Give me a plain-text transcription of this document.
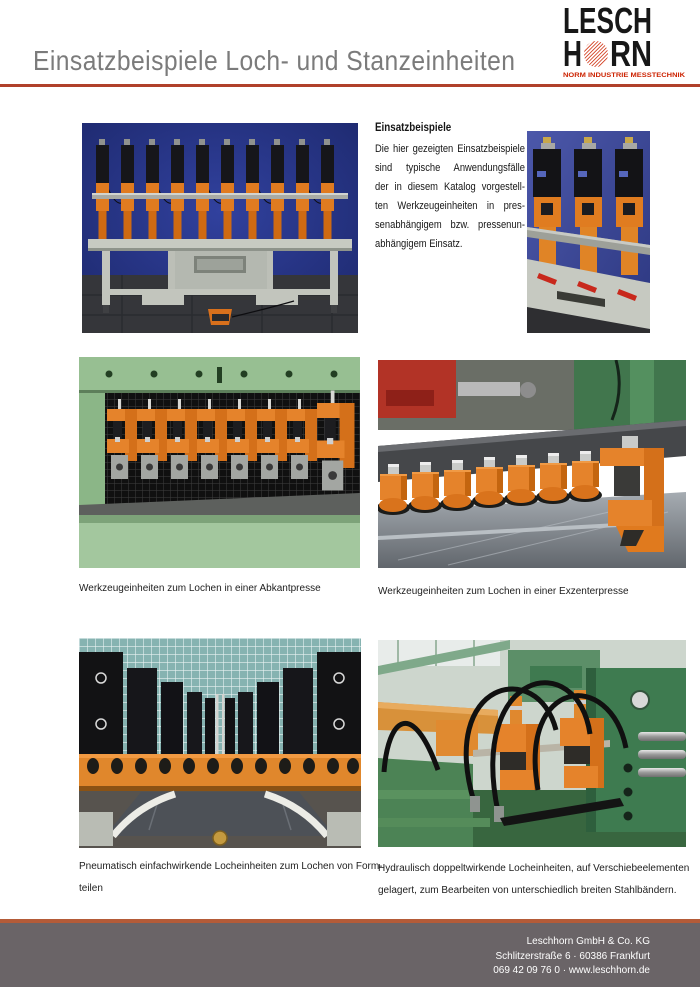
Einsatzbeispiele Loch- und Stanzeinheiten
LESCH
H RN
NORM INDUSTRIE MESSTECHNIK
Einsatzbeispiele
Die hier gezeigten Einsatzbeispiele
sind typische Anwendungsfälle
der in diesem Katalog vorgestell-
ten Werkzeugeinheiten in pres-
senabhängigem bzw. pressenun-
abhängigem Einsatz.
Werkzeugeinheiten zum Lochen in einer Abkantpresse	Werkzeugeinheiten zum Lochen in einer Exzenterpresse
Pneumatisch einfachwirkende Locheinheiten zum Lochen von Form-
teilen
Hydraulisch doppeltwirkende Locheinheiten, auf Verschiebeelementen
gelagert, zum Bearbeiten von unterschiedlich breiten Stahlbändern.
Leschhorn GmbH & Co. KG
Schlitzerstraße 6 · 60386 Frankfurt
069 42 09 76 0 · www.leschhorn.de
